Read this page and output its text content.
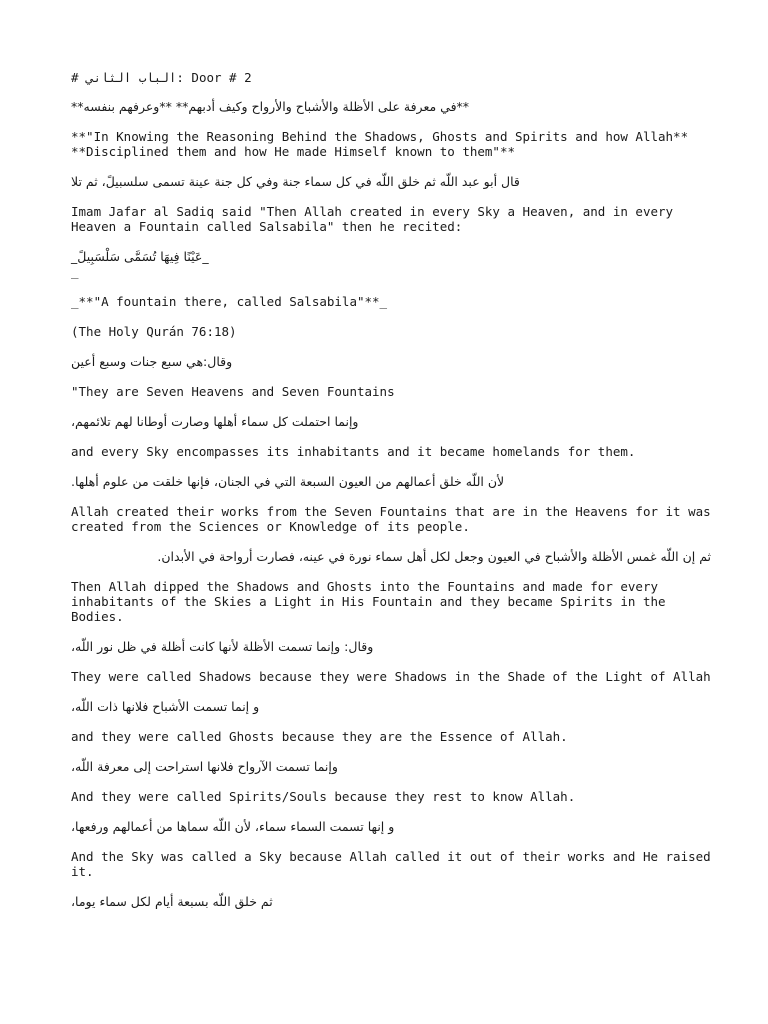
# الباب الثاني: Door # 2

**في معرفة على الأظلة والأشباح والأرواح وكيف أدبهم** **وعرفهم بنفسه**

**"In Knowing the Reasoning Behind the Shadows, Ghosts and Spirits and how Allah** **Disciplined them and how He made Himself known to them"**

قال أبو عبد اللّه ثم خلق اللّه في كل سماء جنة وفي كل جنة عينة تسمى سلسبيلً، ثم تلا

Imam Jafar al Sadiq said "Then Allah created in every Sky a Heaven, and in every Heaven a Fountain called Salsabila" then he recited:

_عَيْنًا فِيهَا تُسَمَّى سَلْسَبِيلً_

_

_**"A fountain there, called Salsabila"**_

(The Holy Qurán 76:18)

وقال:هي سبع جنات وسبع أعين

"They are Seven Heavens and Seven Fountains

وإنما احتملت كل سماء أهلها وصارت أوطانا لهم تلائمهم،

and every Sky encompasses its inhabitants and it became homelands for them.

لأن اللّه خلق أعمالهم من العيون السبعة التي في الجنان، فإنها خلقت من علوم أهلها.

Allah created their works from the Seven Fountains that are in the Heavens for it was created from the Sciences or Knowledge of its people.

ثم إن اللّه غمس الأظلة والأشباح في العيون وجعل لكل أهل سماء نورة في عينه، فصارت أرواحة في الأبدان.

Then Allah dipped the Shadows and Ghosts into the Fountains and made for every inhabitants of the Skies a Light in His Fountain and they became Spirits in the Bodies.

وقال: وإنما تسمت الأظلة لأنها كانت أظلة في ظل نور اللّه،

They were called Shadows because they were Shadows in the Shade of the Light of Allah

و إنما تسمت الأشباح فلانها ذات اللّه،

and they were called Ghosts because they are the Essence of Allah.

وإنما تسمت الآرواح فلانها استراحت إلى معرفة اللّه،

And they were called Spirits/Souls because they rest to know Allah.

و إنها تسمت السماء سماء، لأن اللّه سماها من أعمالهم ورفعها،

And the Sky was called a Sky because Allah called it out of their works and He raised it.

ثم خلق اللّه بسبعة أيام لكل سماء يوما،
